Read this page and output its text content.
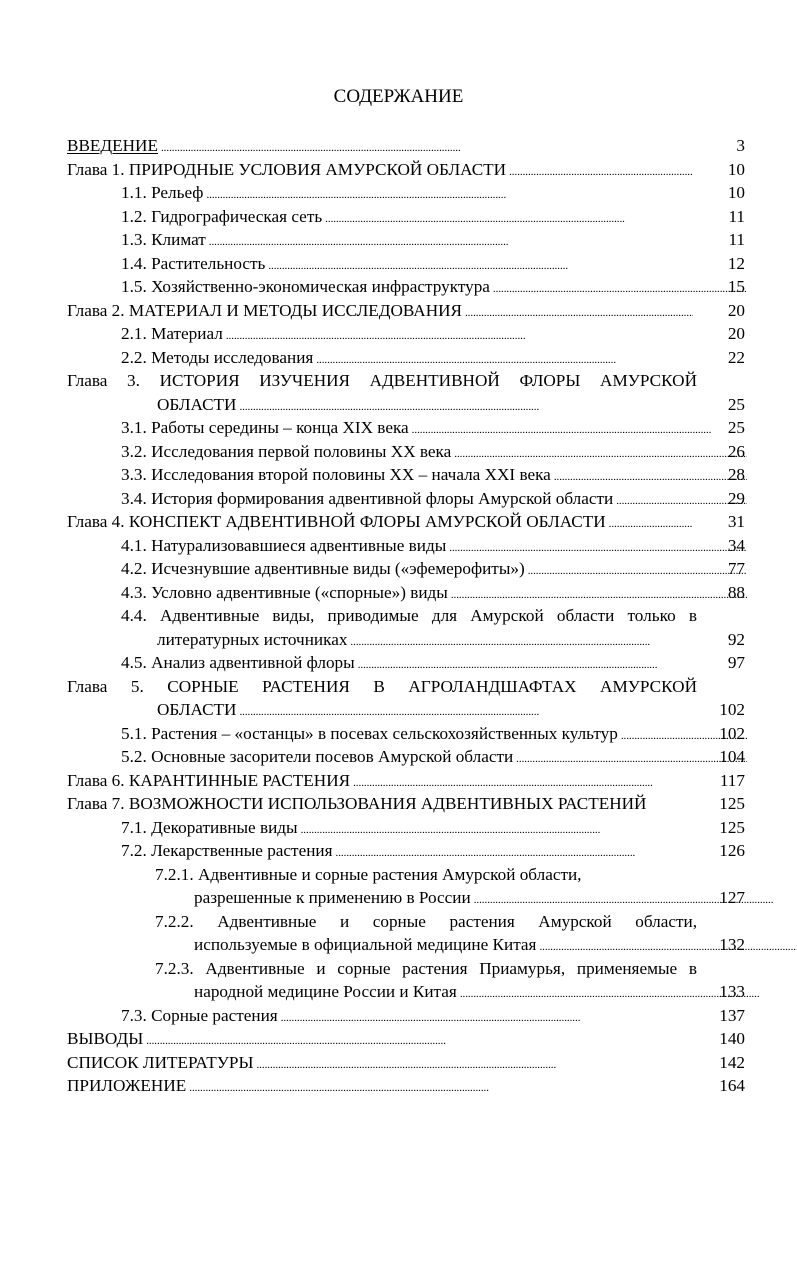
СОДЕРЖАНИЕ
ВВЕДЕНИЕ . . .	3
Глава 1. ПРИРОДНЫЕ УСЛОВИЯ АМУРСКОЙ ОБЛАСТИ . . .	10
1.1. Рельеф . . .	10
1.2. Гидрографическая сеть . . .	11
1.3. Климат . . .	11
1.4. Растительность . . .	12
1.5. Хозяйственно-экономическая инфраструктура . . .	15
Глава 2. МАТЕРИАЛ И МЕТОДЫ ИССЛЕДОВАНИЯ . . .	20
2.1. Материал . . .	20
2.2. Методы исследования . . .	22
Глава 3. ИСТОРИЯ ИЗУЧЕНИЯ АДВЕНТИВНОЙ ФЛОРЫ АМУРСКОЙ
ОБЛАСТИ . . .	25
3.1. Работы середины – конца XIX века . . .	25
3.2. Исследования первой половины XX века . . .	26
3.3. Исследования второй половины XX – начала XXI века . . .	28
3.4. История формирования адвентивной флоры Амурской области . . .	29
Глава 4. КОНСПЕКТ АДВЕНТИВНОЙ ФЛОРЫ АМУРСКОЙ ОБЛАСТИ . . .	31
4.1. Натурализовавшиеся адвентивные виды . . .	34
4.2. Исчезнувшие адвентивные виды («эфемерофиты») . . .	77
4.3. Условно адвентивные («спорные») виды . . .	88
4.4. Адвентивные виды, приводимые для Амурской области только в
литературных источниках . . .	92
4.5. Анализ адвентивной флоры . . .	97
Глава 5. СОРНЫЕ РАСТЕНИЯ В АГРОЛАНДШАФТАХ АМУРСКОЙ
ОБЛАСТИ . . .	102
5.1. Растения – «останцы» в посевах сельскохозяйственных культур . . .	102
5.2. Основные засорители посевов Амурской области . . .	104
Глава 6. КАРАНТИННЫЕ РАСТЕНИЯ . . .	117
Глава 7. ВОЗМОЖНОСТИ ИСПОЛЬЗОВАНИЯ АДВЕНТИВНЫХ РАСТЕНИЙ	125
7.1. Декоративные виды . . .	125
7.2. Лекарственные растения . . .	126
7.2.1. Адвентивные и сорные растения Амурской области,
разрешенные к применению в России . . .	127
7.2.2. Адвентивные и сорные растения Амурской области,
используемые в официальной медицине Китая . . .	132
7.2.3. Адвентивные и сорные растения Приамурья, применяемые в
народной медицине России и Китая . . .	133
7.3. Сорные растения . . .	137
ВЫВОДЫ . . .	140
СПИСОК ЛИТЕРАТУРЫ . . .	142
ПРИЛОЖЕНИЕ . . .	164
